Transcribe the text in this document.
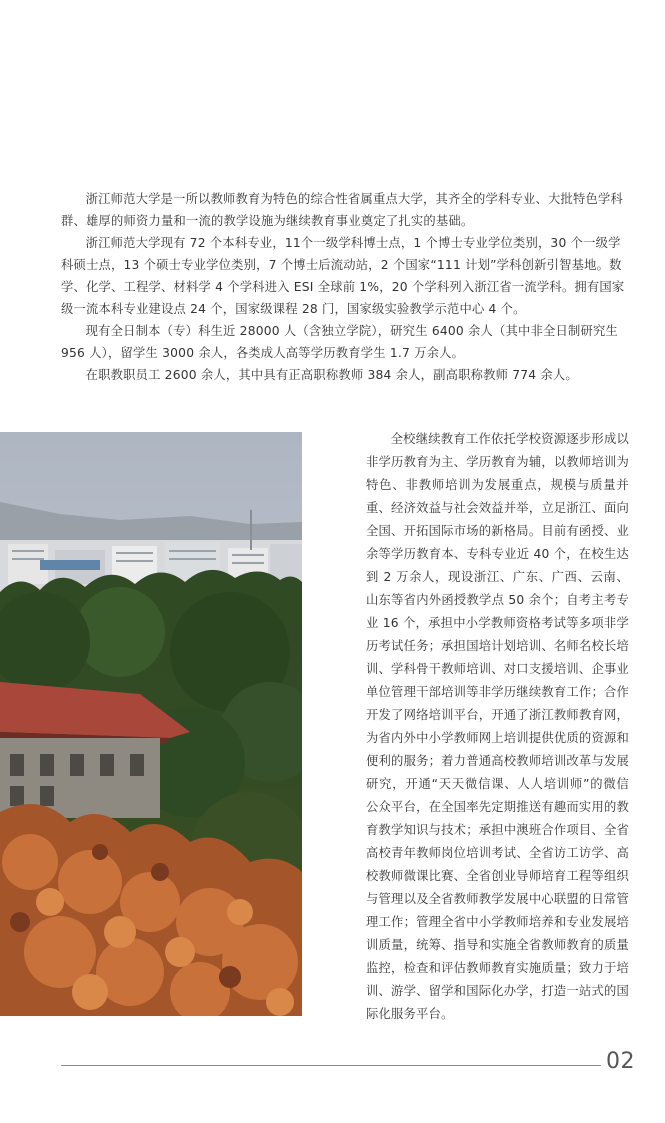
浙江师范大学是一所以教师教育为特色的综合性省属重点大学，其齐全的学科专业、大批特色学科群、雄厚的师资力量和一流的教学设施为继续教育事业奠定了扎实的基础。

浙江师范大学现有 72 个本科专业，11个一级学科博士点，1 个博士专业学位类别，30 个一级学科硕士点，13 个硕士专业学位类别，7 个博士后流动站，2 个国家“111 计划”学科创新引智基地。数学、化学、工程学、材料学 4 个学科进入 ESI 全球前 1%，20 个学科列入浙江省一流学科。拥有国家级一流本科专业建设点 24 个，国家级课程 28 门，国家级实验教学示范中心 4 个。

现有全日制本（专）科生近 28000 人（含独立学院），研究生 6400 余人（其中非全日制研究生 956 人），留学生 3000 余人，各类成人高等学历教育学生 1.7 万余人。

在职教职员工 2600 余人，其中具有正高职称教师 384 余人，副高职称教师 774 余人。

全校继续教育工作依托学校资源逐步形成以非学历教育为主、学历教育为辅，以教师培训为特色、非教师培训为发展重点，规模与质量并重、经济效益与社会效益并举，立足浙江、面向全国、开拓国际市场的新格局。目前有函授、业余等学历教育本、专科专业近 40 个，在校生达到 2 万余人，现设浙江、广东、广西、云南、山东等省内外函授教学点 50 余个；自考主考专业 16 个，承担中小学教师资格考试等多项非学历考试任务；承担国培计划培训、名师名校长培训、学科骨干教师培训、对口支援培训、企事业单位管理干部培训等非学历继续教育工作；合作开发了网络培训平台，开通了浙江教师教育网，为省内外中小学教师网上培训提供优质的资源和便利的服务；着力普通高校教师培训改革与发展研究，开通“天天微信课、人人培训师”的微信公众平台，在全国率先定期推送有趣而实用的教育教学知识与技术；承担中澳班合作项目、全省高校青年教师岗位培训考试、全省访工访学、高校教师微课比赛、全省创业导师培育工程等组织与管理以及全省教师教学发展中心联盟的日常管理工作；管理全省中小学教师培养和专业发展培训质量，统筹、指导和实施全省教师教育的质量监控，检查和评估教师教育实施质量；致力于培训、游学、留学和国际化办学，打造一站式的国际化服务平台。

02
